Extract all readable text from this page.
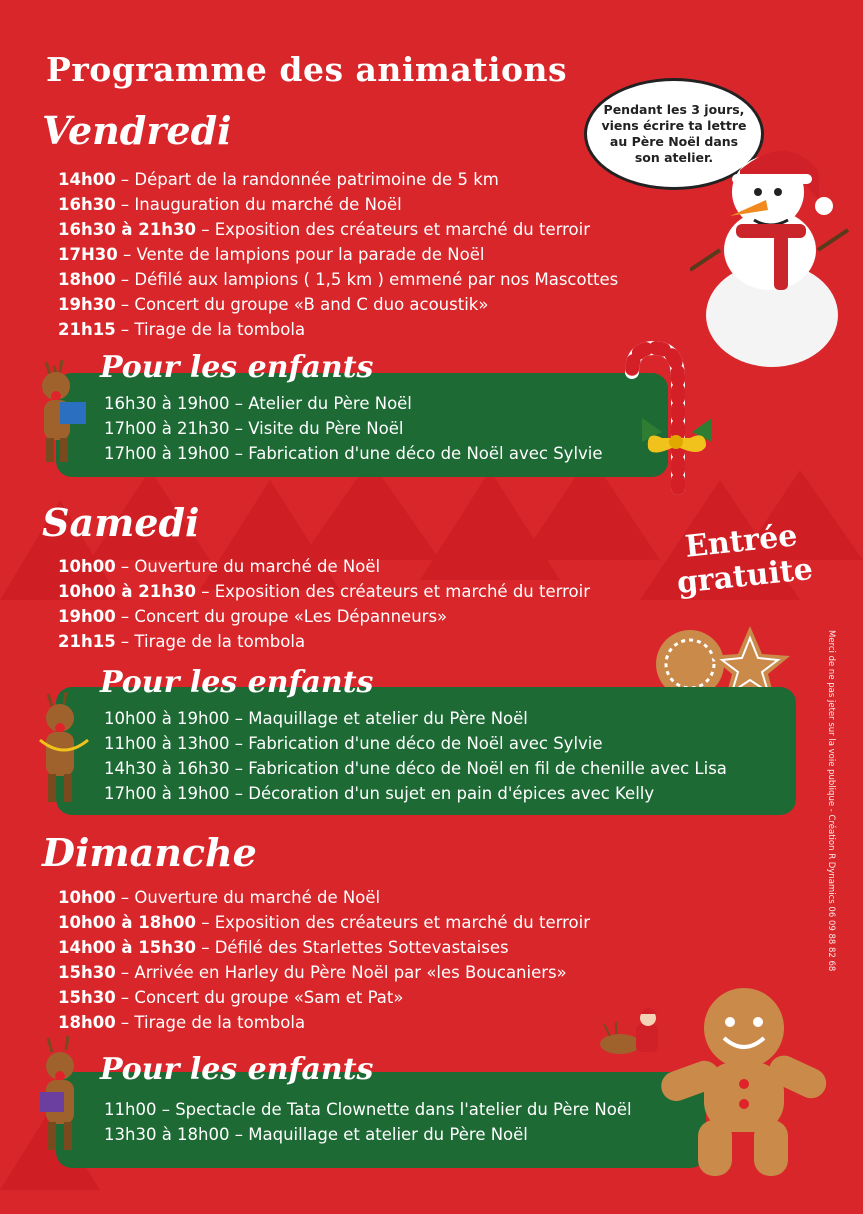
Programme des animations
Pendant les 3 jours, viens écrire ta lettre au Père Noël dans son atelier.
Vendredi
14h00 – Départ de la randonnée patrimoine de 5 km
16h30 – Inauguration du marché de Noël
16h30 à 21h30 – Exposition des créateurs et marché du terroir
17H30 – Vente de lampions pour la parade de Noël
18h00 – Défilé aux lampions ( 1,5 km ) emmené par nos Mascottes
19h30 – Concert du groupe «B and C duo acoustik»
21h15 – Tirage de la tombola
Pour les enfants
16h30 à 19h00 – Atelier du Père Noël
17h00 à 21h30 – Visite du Père Noël
17h00 à 19h00 – Fabrication d'une déco de Noël avec Sylvie
Samedi
10h00 – Ouverture du marché de Noël
10h00 à 21h30 – Exposition des créateurs et marché du terroir
19h00 – Concert du groupe «Les Dépanneurs»
21h15 – Tirage de la tombola
Entrée
gratuite
Pour les enfants
10h00 à 19h00 – Maquillage et atelier du Père Noël
11h00 à 13h00 – Fabrication d'une déco de Noël avec Sylvie
14h30 à 16h30 – Fabrication d'une déco de Noël en fil de chenille avec Lisa
17h00 à 19h00 – Décoration d'un sujet en pain d'épices avec Kelly
Dimanche
10h00 – Ouverture du marché de Noël
10h00 à 18h00 – Exposition des créateurs et marché du terroir
14h00 à 15h30 – Défilé des Starlettes Sottevastaises
15h30 – Arrivée en Harley du Père Noël par «les Boucaniers»
15h30 – Concert du groupe «Sam et Pat»
18h00 – Tirage de la tombola
Pour les enfants
11h00 – Spectacle de Tata Clownette dans l'atelier du Père Noël
13h30 à 18h00 – Maquillage et atelier du Père Noël
Merci de ne pas jeter sur la voie publique - Création R Dynamics 06 09 88 82 68
